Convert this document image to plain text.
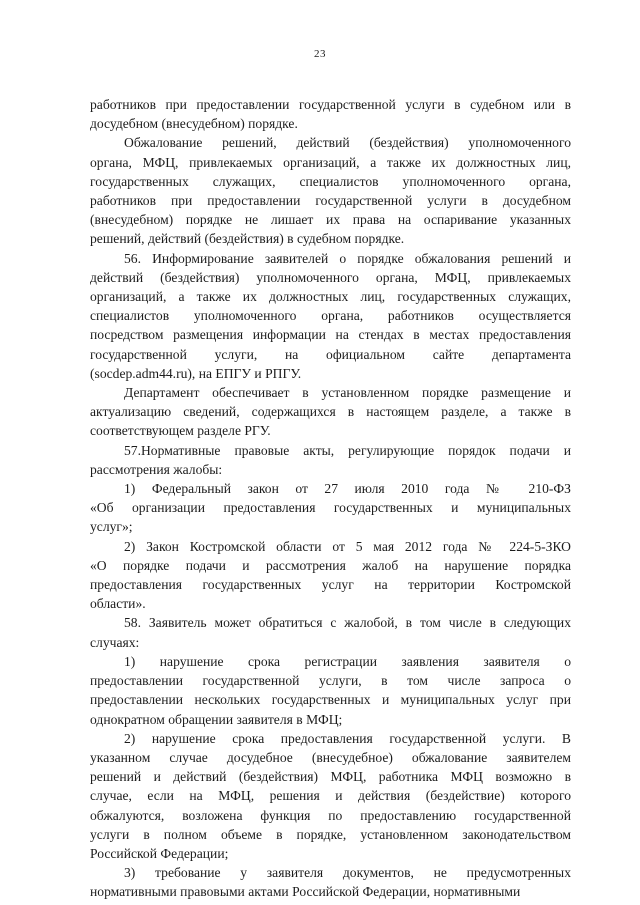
23
работников при предоставлении государственной услуги в судебном или в
досудебном (внесудебном) порядке.
Обжалование решений, действий (бездействия) уполномоченного
органа, МФЦ, привлекаемых организаций, а также их должностных лиц,
государственных служащих, специалистов уполномоченного органа,
работников при предоставлении государственной услуги в досудебном
(внесудебном) порядке не лишает их права на оспаривание указанных
решений, действий (бездействия) в судебном порядке.
56. Информирование заявителей о порядке обжалования решений и
действий (бездействия) уполномоченного органа, МФЦ, привлекаемых
организаций, а также их должностных лиц, государственных служащих,
специалистов уполномоченного органа, работников осуществляется
посредством размещения информации на стендах в местах предоставления
государственной услуги, на официальном сайте департамента
(socdep.adm44.ru), на ЕПГУ и РПГУ.
Департамент обеспечивает в установленном порядке размещение и
актуализацию сведений, содержащихся в настоящем разделе, а также в
соответствующем разделе РГУ.
57.Нормативные правовые акты, регулирующие порядок подачи и
рассмотрения жалобы:
1) Федеральный закон от 27 июля 2010 года № 210-ФЗ
«Об организации предоставления государственных и муниципальных
услуг»;
2) Закон Костромской области от 5 мая 2012 года № 224-5-ЗКО
«О порядке подачи и рассмотрения жалоб на нарушение порядка
предоставления государственных услуг на территории Костромской
области».
58. Заявитель может обратиться с жалобой, в том числе в следующих
случаях:
1) нарушение срока регистрации заявления заявителя о
предоставлении государственной услуги, в том числе запроса о
предоставлении нескольких государственных и муниципальных услуг при
однократном обращении заявителя в МФЦ;
2) нарушение срока предоставления государственной услуги. В
указанном случае досудебное (внесудебное) обжалование заявителем
решений и действий (бездействия) МФЦ, работника МФЦ возможно в
случае, если на МФЦ, решения и действия (бездействие) которого
обжалуются, возложена функция по предоставлению государственной
услуги в полном объеме в порядке, установленном законодательством
Российской Федерации;
3) требование у заявителя документов, не предусмотренных
нормативными правовыми актами Российской Федерации, нормативными
